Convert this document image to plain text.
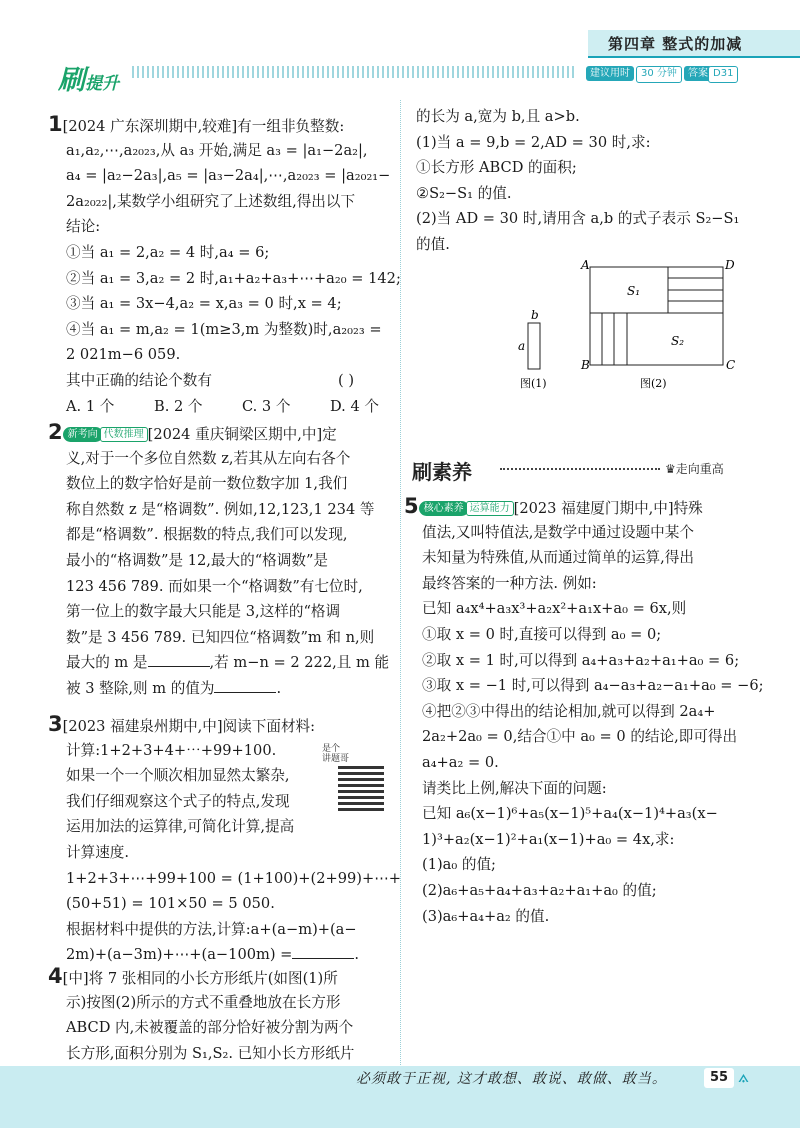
第四章 整式的加减
刷提升
建议用时	30 分钟	答案 D31
1[2024 广东深圳期中,较难]有一组非负整数:
a₁,a₂,⋯,a₂₀₂₃,从 a₃ 开始,满足 a₃ = |a₁−2a₂|,
a₄ = |a₂−2a₃|,a₅ = |a₃−2a₄|,⋯,a₂₀₂₃ = |a₂₀₂₁−
2a₂₀₂₂|,某数学小组研究了上述数组,得出以下
结论:
①当 a₁ = 2,a₂ = 4 时,a₄ = 6;
②当 a₁ = 3,a₂ = 2 时,a₁+a₂+a₃+⋯+a₂₀ = 142;
③当 a₁ = 3x−4,a₂ = x,a₃ = 0 时,x = 4;
④当 a₁ = m,a₂ = 1(m≥3,m 为整数)时,a₂₀₂₃ =
2 021m−6 059.
其中正确的结论个数有	( )
A. 1 个	B. 2 个	C. 3 个	D. 4 个
2 新考向 代数推理 [2024 重庆铜梁区期中,中]定
义,对于一个多位自然数 z,若其从左向右各个
数位上的数字恰好是前一数位数字加 1,我们
称自然数 z 是“格调数”. 例如,12,123,1 234 等
都是“格调数”. 根据数的特点,我们可以发现,
最小的“格调数”是 12,最大的“格调数”是
123 456 789. 而如果一个“格调数”有七位时,
第一位上的数字最大只能是 3,这样的“格调
数”是 3 456 789. 已知四位“格调数”m 和 n,则
最大的 m 是	,若 m−n = 2 222,且 m 能
被 3 整除,则 m 的值为	.
3[2023 福建泉州期中,中]阅读下面材料:
计算:1+2+3+4+⋯+99+100.
如果一个一个顺次相加显然太繁杂,
我们仔细观察这个式子的特点,发现
运用加法的运算律,可简化计算,提高
计算速度.
1+2+3+⋯+99+100 = (1+100)+(2+99)+⋯+
(50+51) = 101×50 = 5 050.
根据材料中提供的方法,计算:a+(a−m)+(a−
2m)+(a−3m)+⋯+(a−100m) =	.
是个
讲题哥
4[中]将 7 张相同的小长方形纸片(如图(1)所
示)按图(2)所示的方式不重叠地放在长方形
ABCD 内,未被覆盖的部分恰好被分割为两个
长方形,面积分别为 S₁,S₂. 已知小长方形纸片
的长为 a,宽为 b,且 a>b.
(1)当 a = 9,b = 2,AD = 30 时,求:
①长方形 ABCD 的面积;
②S₂−S₁ 的值.
(2)当 AD = 30 时,请用含 a,b 的式子表示 S₂−S₁
的值.
b
a
图(1)
A	D
B	C
S₁
S₂
图(2)
刷素养	♛走向重高
5 核心素养 运算能力 [2023 福建厦门期中,中]特殊
值法,又叫特值法,是数学中通过设题中某个
未知量为特殊值,从而通过简单的运算,得出
最终答案的一种方法. 例如:
已知 a₄x⁴+a₃x³+a₂x²+a₁x+a₀ = 6x,则
①取 x = 0 时,直接可以得到 a₀ = 0;
②取 x = 1 时,可以得到 a₄+a₃+a₂+a₁+a₀ = 6;
③取 x = −1 时,可以得到 a₄−a₃+a₂−a₁+a₀ = −6;
④把②③中得出的结论相加,就可以得到 2a₄+
2a₂+2a₀ = 0,结合①中 a₀ = 0 的结论,即可得出
a₄+a₂ = 0.
请类比上例,解决下面的问题:
已知 a₆(x−1)⁶+a₅(x−1)⁵+a₄(x−1)⁴+a₃(x−
1)³+a₂(x−1)²+a₁(x−1)+a₀ = 4x,求:
(1)a₀ 的值;
(2)a₆+a₅+a₄+a₃+a₂+a₁+a₀ 的值;
(3)a₆+a₄+a₂ 的值.
必须敢于正视, 这才敢想、敢说、敢做、敢当。	55 ⟑
